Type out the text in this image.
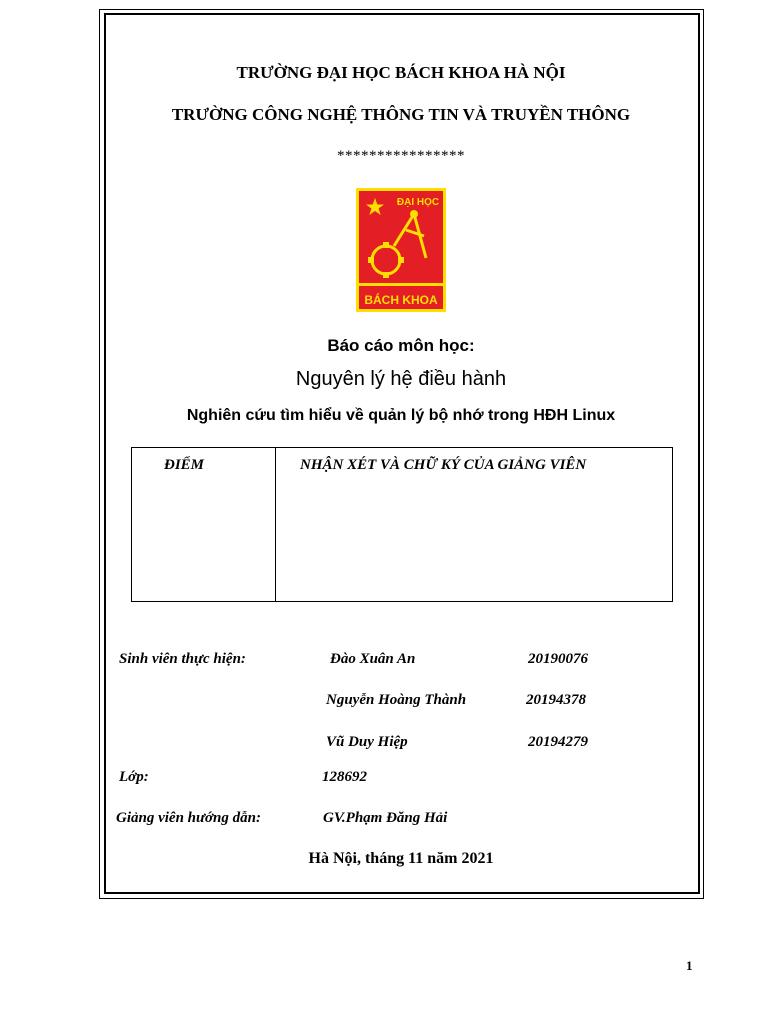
TRƯỜNG ĐẠI HỌC BÁCH KHOA HÀ NỘI
TRƯỜNG CÔNG NGHỆ THÔNG TIN VÀ TRUYỀN THÔNG
****************
ĐẠI HỌC
BÁCH KHOA
Báo cáo môn học:
Nguyên lý hệ điều hành
Nghiên cứu tìm hiểu về quản lý bộ nhớ trong HĐH Linux
ĐIỂM	NHẬN XÉT VÀ CHỮ KÝ CỦA GIẢNG VIÊN
Sinh viên thực hiện:	Đào Xuân An	20190076
Nguyễn Hoàng Thành	20194378
Vũ Duy Hiệp	20194279
Lớp:	128692
Giảng viên hướng dẫn:	GV.Phạm Đăng Hải
Hà Nội, tháng 11 năm 2021
1
